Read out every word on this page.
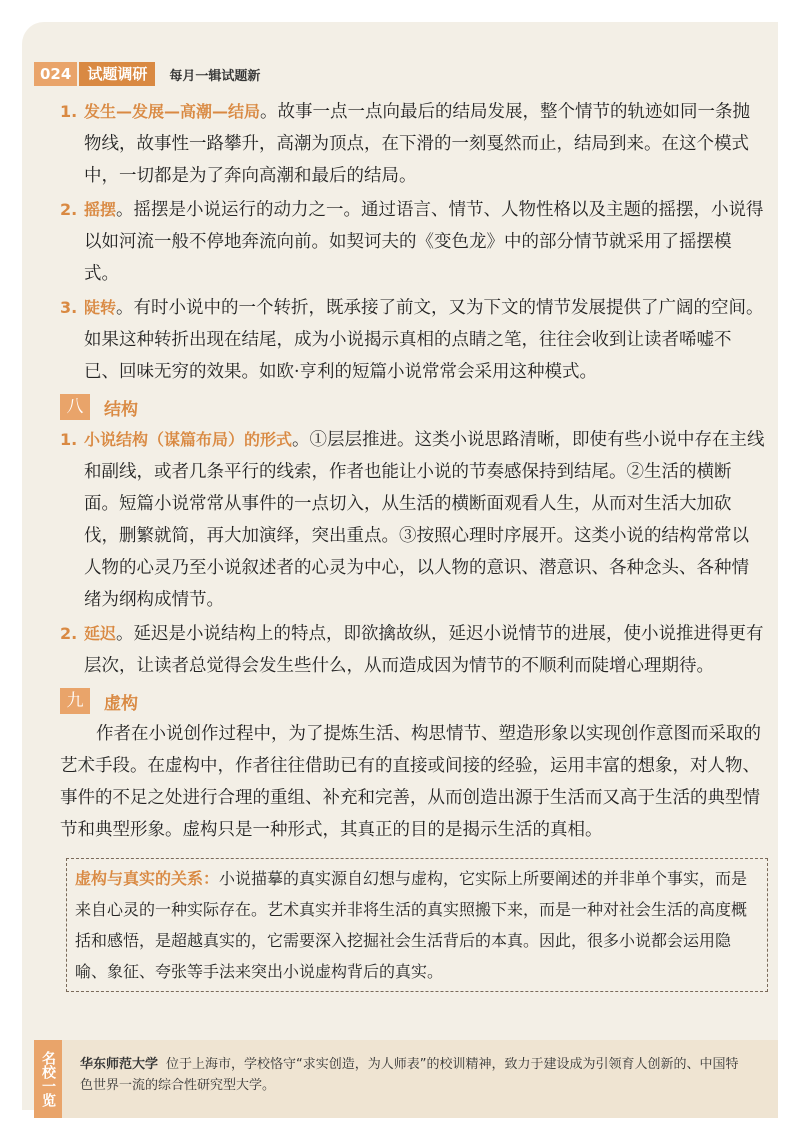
024	试题调研	每月一辑试题新
1. 发生—发展—高潮—结局。故事一点一点向最后的结局发展，整个情节的轨迹如同一条抛物线，故事性一路攀升，高潮为顶点，在下滑的一刻戛然而止，结局到来。在这个模式中，一切都是为了奔向高潮和最后的结局。
2. 摇摆。摇摆是小说运行的动力之一。通过语言、情节、人物性格以及主题的摇摆，小说得以如河流一般不停地奔流向前。如契诃夫的《变色龙》中的部分情节就采用了摇摆模式。
3. 陡转。有时小说中的一个转折，既承接了前文，又为下文的情节发展提供了广阔的空间。如果这种转折出现在结尾，成为小说揭示真相的点睛之笔，往往会收到让读者唏嘘不已、回味无穷的效果。如欧·亨利的短篇小说常常会采用这种模式。
八	结构
1. 小说结构（谋篇布局）的形式。①层层推进。这类小说思路清晰，即使有些小说中存在主线和副线，或者几条平行的线索，作者也能让小说的节奏感保持到结尾。②生活的横断面。短篇小说常常从事件的一点切入，从生活的横断面观看人生，从而对生活大加砍伐，删繁就简，再大加演绎，突出重点。③按照心理时序展开。这类小说的结构常常以人物的心灵乃至小说叙述者的心灵为中心，以人物的意识、潜意识、各种念头、各种情绪为纲构成情节。
2. 延迟。延迟是小说结构上的特点，即欲擒故纵，延迟小说情节的进展，使小说推进得更有层次，让读者总觉得会发生些什么，从而造成因为情节的不顺利而陡增心理期待。
九	虚构
作者在小说创作过程中，为了提炼生活、构思情节、塑造形象以实现创作意图而采取的艺术手段。在虚构中，作者往往借助已有的直接或间接的经验，运用丰富的想象，对人物、事件的不足之处进行合理的重组、补充和完善，从而创造出源于生活而又高于生活的典型情节和典型形象。虚构只是一种形式，其真正的目的是揭示生活的真相。
虚构与真实的关系：小说描摹的真实源自幻想与虚构，它实际上所要阐述的并非单个事实，而是来自心灵的一种实际存在。艺术真实并非将生活的真实照搬下来，而是一种对社会生活的高度概括和感悟，是超越真实的，它需要深入挖掘社会生活背后的本真。因此，很多小说都会运用隐喻、象征、夸张等手法来突出小说虚构背后的真实。
名校一览	华东师范大学 位于上海市，学校恪守“求实创造，为人师表”的校训精神，致力于建设成为引领育人创新的、中国特色世界一流的综合性研究型大学。
